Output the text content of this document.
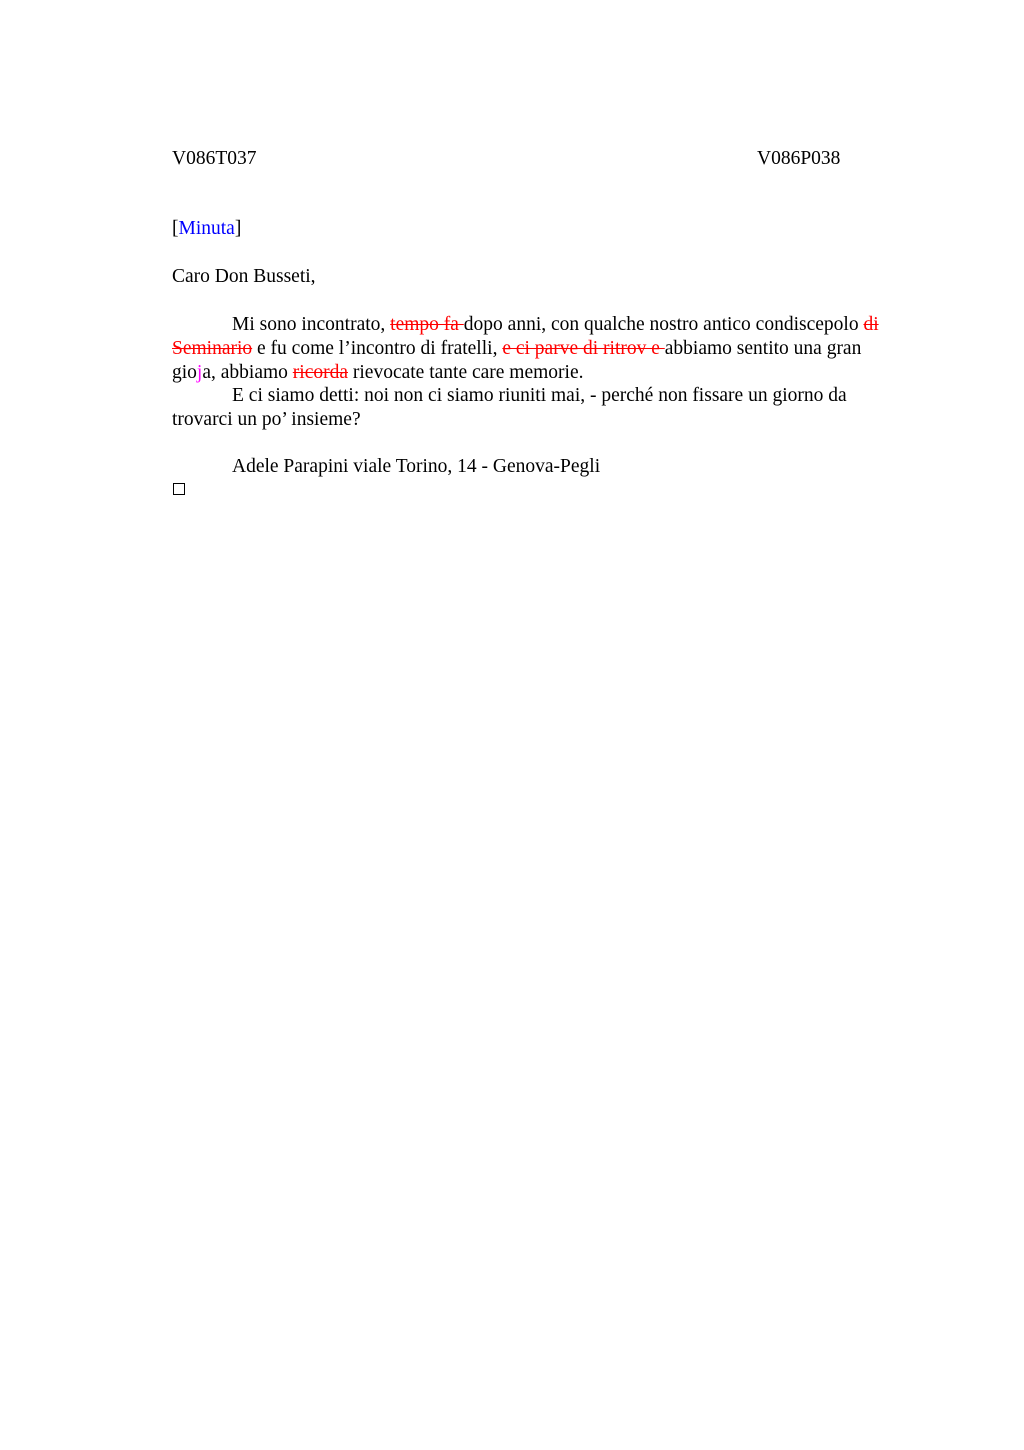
V086T037	V086P038
[Minuta]
Caro Don Busseti,
Mi sono incontrato, tempo fa dopo anni, con qualche nostro antico condiscepolo di Seminario e fu come l’incontro di fratelli, e ci parve di ritrov e abbiamo sentito una gran gioja, abbiamo ricorda rievocate tante care memorie.
E ci siamo detti: noi non ci siamo riuniti mai, - perché non fissare un giorno da trovarci un po’ insieme?
Adele Parapini viale Torino, 14 - Genova-Pegli
